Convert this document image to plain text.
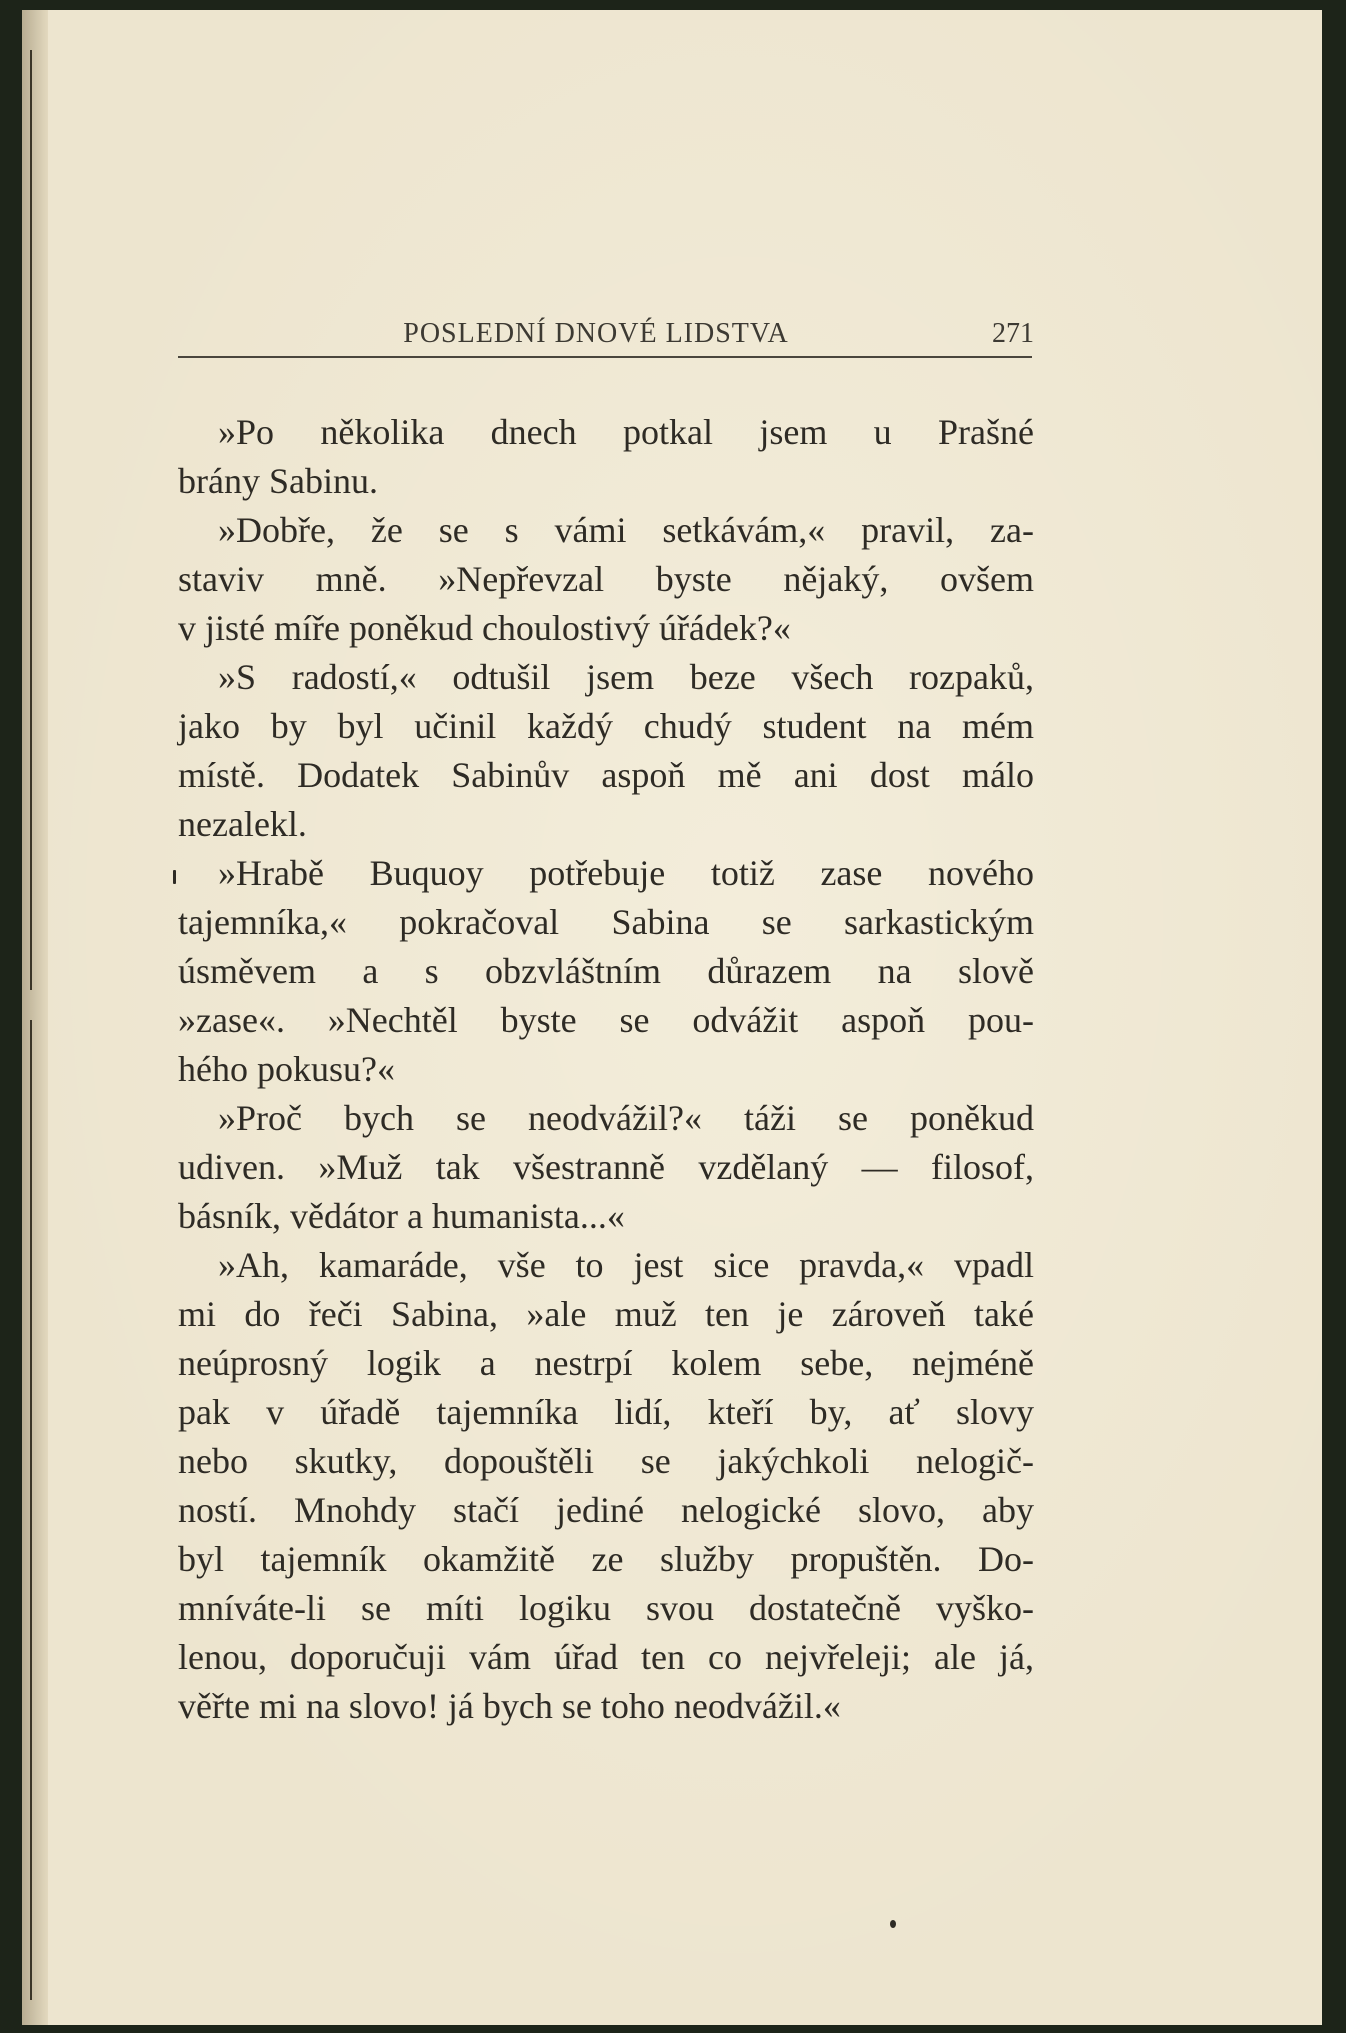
POSLEDNÍ DNOVÉ LIDSTVA	271
»Po několika dnech potkal jsem u Prašné
brány Sabinu.
»Dobře, že se s vámi setkávám,« pravil, za-
staviv mně. »Nepřevzal byste nějaký, ovšem
v jisté míře poněkud choulostivý úřádek?«
»S radostí,« odtušil jsem beze všech rozpaků,
jako by byl učinil každý chudý student na mém
místě. Dodatek Sabinův aspoň mě ani dost málo
nezalekl.
»Hrabě Buquoy potřebuje totiž zase nového
tajemníka,« pokračoval Sabina se sarkastickým
úsměvem a s obzvláštním důrazem na slově
»zase«. »Nechtěl byste se odvážit aspoň pou-
hého pokusu?«
»Proč bych se neodvážil?« táži se poněkud
udiven. »Muž tak všestranně vzdělaný — filosof,
básník, vědátor a humanista...«
»Ah, kamaráde, vše to jest sice pravda,« vpadl
mi do řeči Sabina, »ale muž ten je zároveň také
neúprosný logik a nestrpí kolem sebe, nejméně
pak v úřadě tajemníka lidí, kteří by, ať slovy
nebo skutky, dopouštěli se jakýchkoli nelogič-
ností. Mnohdy stačí jediné nelogické slovo, aby
byl tajemník okamžitě ze služby propuštěn. Do-
mníváte-li se míti logiku svou dostatečně vyško-
lenou, doporučuji vám úřad ten co nejvřeleji; ale já,
věřte mi na slovo! já bych se toho neodvážil.«
